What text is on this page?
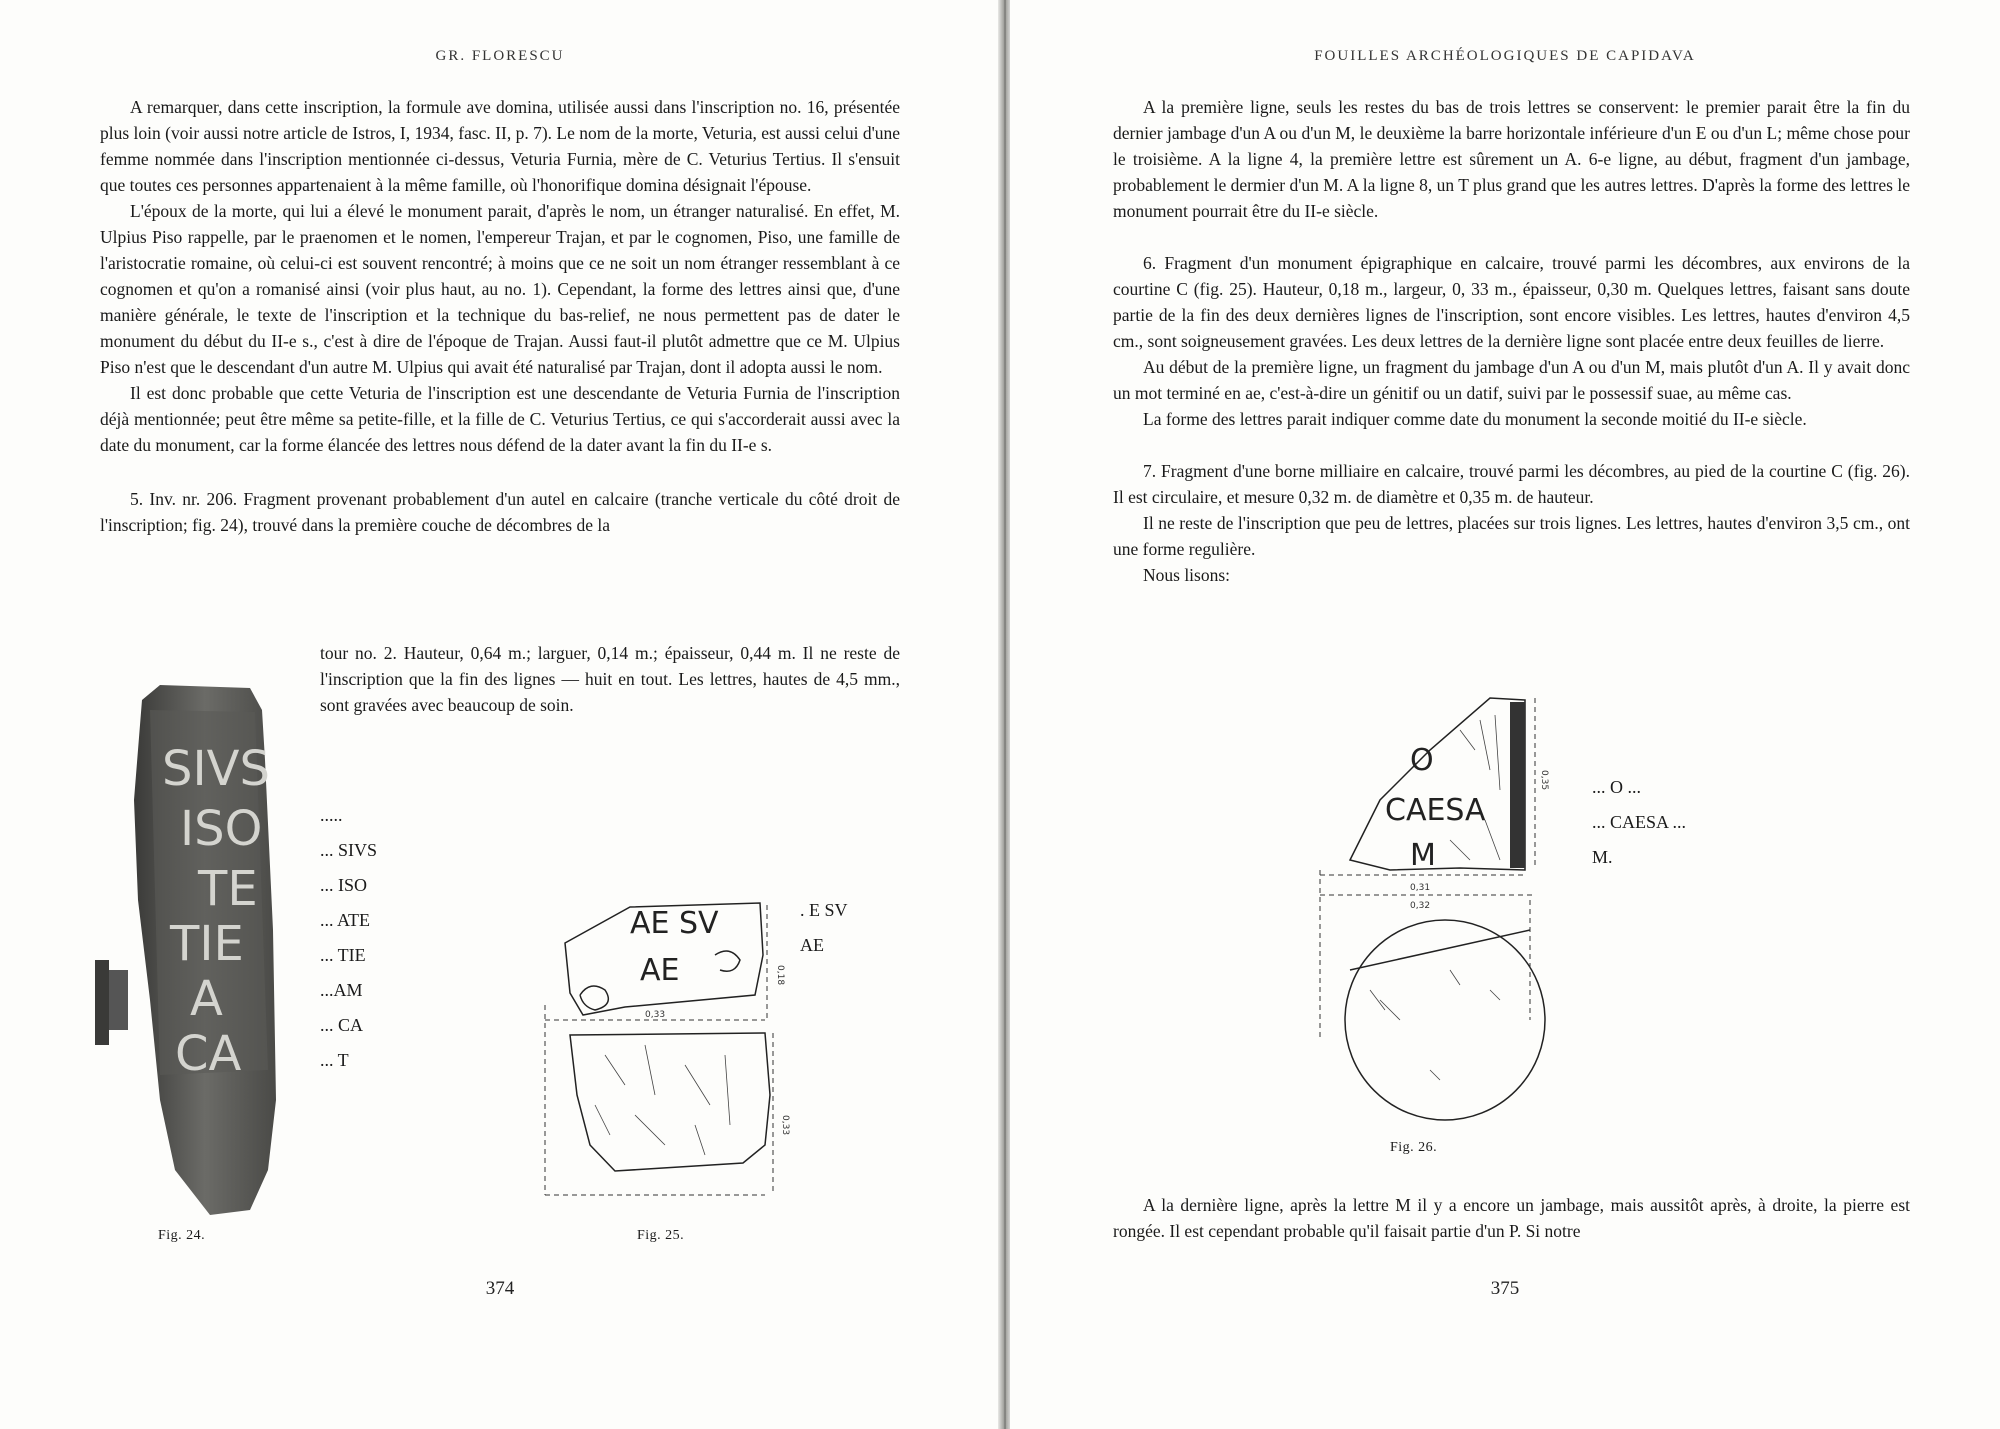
GR. FLORESCU

A remarquer, dans cette inscription, la formule ave domina, utilisée aussi dans l'inscription no. 16, présentée plus loin (voir aussi notre article de Istros, I, 1934, fasc. II, p. 7). Le nom de la morte, Veturia, est aussi celui d'une femme nommée dans l'inscription mentionnée ci-dessus, Veturia Furnia, mère de C. Veturius Tertius. Il s'ensuit que toutes ces personnes appartenaient à la même famille, où l'honorifique domina désignait l'épouse.

L'époux de la morte, qui lui a élevé le monument parait, d'après le nom, un étranger naturalisé. En effet, M. Ulpius Piso rappelle, par le praenomen et le nomen, l'empereur Trajan, et par le cognomen, Piso, une famille de l'aristocratie romaine, où celui-ci est souvent rencontré; à moins que ce ne soit un nom étranger ressemblant à ce cognomen et qu'on a romanisé ainsi (voir plus haut, au no. 1). Cependant, la forme des lettres ainsi que, d'une manière générale, le texte de l'inscription et la technique du bas-relief, ne nous permettent pas de dater le monument du début du II-e s., c'est à dire de l'époque de Trajan. Aussi faut-il plutôt admettre que ce M. Ulpius Piso n'est que le descendant d'un autre M. Ulpius qui avait été naturalisé par Trajan, dont il adopta aussi le nom.

Il est donc probable que cette Veturia de l'inscription est une descendante de Veturia Furnia de l'inscription déjà mentionnée; peut être même sa petite-fille, et la fille de C. Veturius Tertius, ce qui s'accorderait aussi avec la date du monument, car la forme élancée des lettres nous défend de la dater avant la fin du II-e s.

5. Inv. nr. 206. Fragment provenant probablement d'un autel en calcaire (tranche verticale du côté droit de l'inscription; fig. 24), trouvé dans la première couche de décombres de la

tour no. 2. Hauteur, 0,64 m.; larguer, 0,14 m.; épaisseur, 0,44 m. Il ne reste de l'inscription que la fin des lignes — huit en tout. Les lettres, hautes de 4,5 mm., sont gravées avec beaucoup de soin.

SIVS
ISO
TE
TIE
A
CA
Fig. 24.
.....
... SIVS
... ISO
... ATE
... TIE
...AM
... CA
... T
AE SV
AE	0,18
0,33
0,33
Fig. 25.
. E SV
AE
374
FOUILLES ARCHÉOLOGIQUES DE CAPIDAVA

A la première ligne, seuls les restes du bas de trois lettres se conservent: le premier parait être la fin du dernier jambage d'un A ou d'un M, le deuxième la barre horizontale inférieure d'un E ou d'un L; même chose pour le troisième. A la ligne 4, la première lettre est sûrement un A. 6-e ligne, au début, fragment d'un jambage, probablement le dermier d'un M. A la ligne 8, un T plus grand que les autres lettres. D'après la forme des lettres le monument pourrait être du II-e siècle.

6. Fragment d'un monument épigraphique en calcaire, trouvé parmi les décombres, aux environs de la courtine C (fig. 25). Hauteur, 0,18 m., largeur, 0, 33 m., épaisseur, 0,30 m. Quelques lettres, faisant sans doute partie de la fin des deux dernières lignes de l'inscription, sont encore visibles. Les lettres, hautes d'environ 4,5 cm., sont soigneusement gravées. Les deux lettres de la dernière ligne sont placée entre deux feuilles de lierre.

Au début de la première ligne, un fragment du jambage d'un A ou d'un M, mais plutôt d'un A. Il y avait donc un mot terminé en ae, c'est-à-dire un génitif ou un datif, suivi par le possessif suae, au même cas.

La forme des lettres parait indiquer comme date du monument la seconde moitié du II-e siècle.

7. Fragment d'une borne milliaire en calcaire, trouvé parmi les décombres, au pied de la courtine C (fig. 26). Il est circulaire, et mesure 0,32 m. de diamètre et 0,35 m. de hauteur.

Il ne reste de l'inscription que peu de lettres, placées sur trois lignes. Les lettres, hautes d'environ 3,5 cm., ont une forme regulière.

Nous lisons:

O
CAESA
M
0,35
0,31
0,32
Fig. 26.
... O ...
... CAESA ...
M.

A la dernière ligne, après la lettre M il y a encore un jambage, mais aussitôt après, à droite, la pierre est rongée. Il est cependant probable qu'il faisait partie d'un P. Si notre

375
